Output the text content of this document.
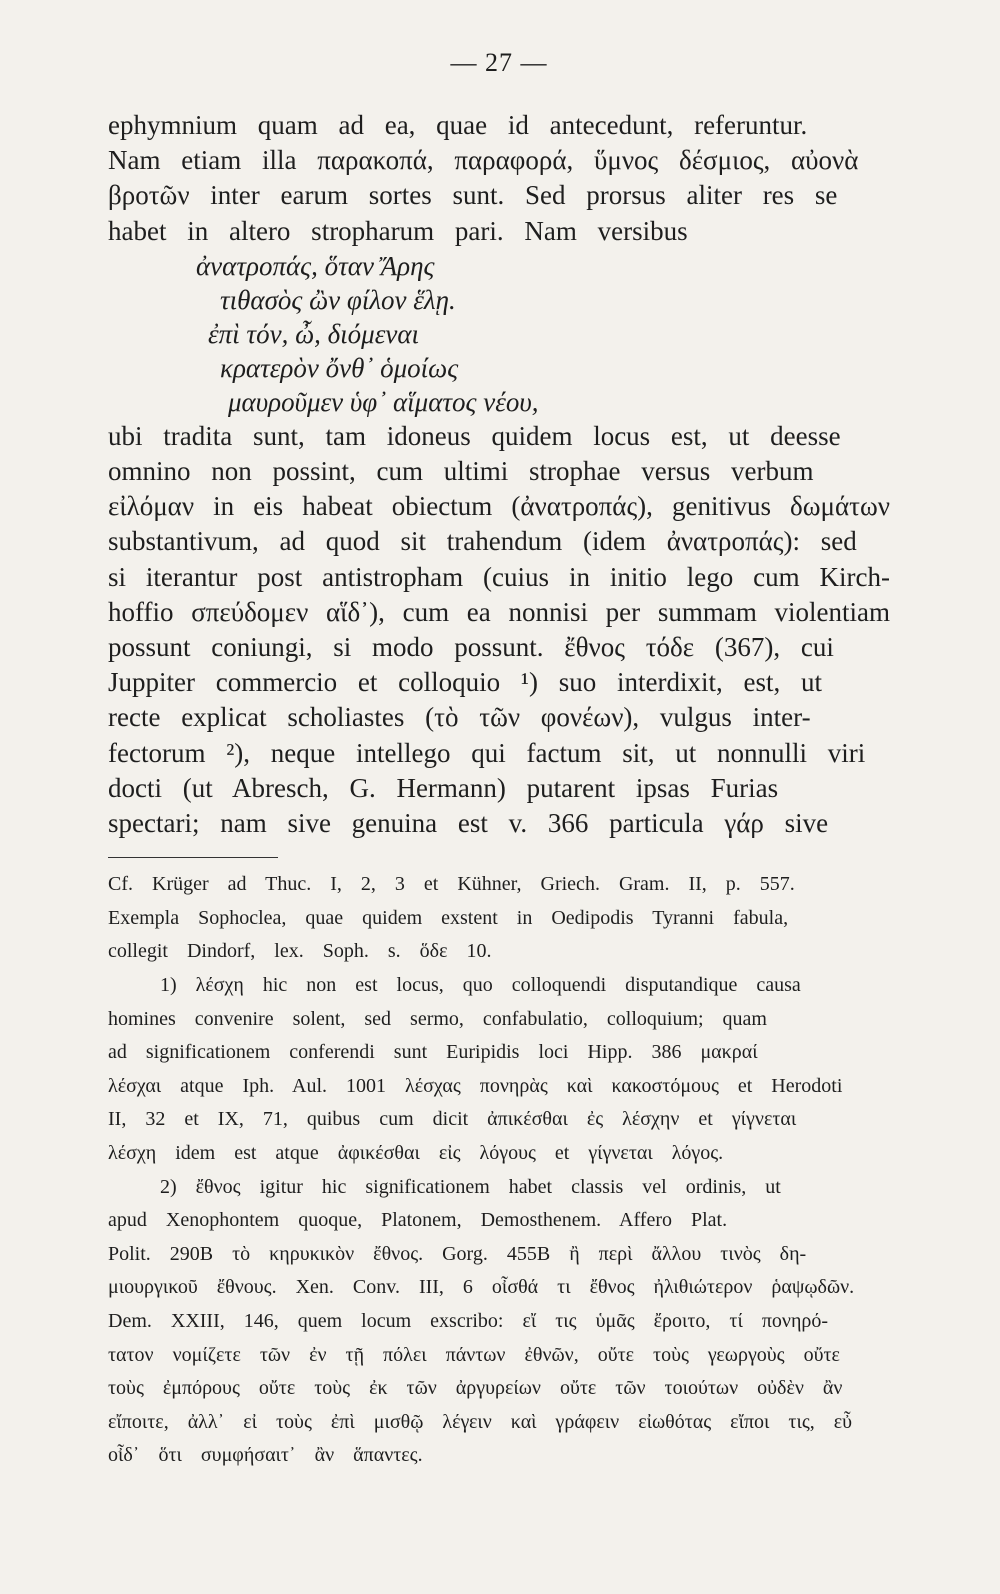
— 27 —

ephymnium quam ad ea, quae id antecedunt, referuntur.

Nam etiam illa παρακοπά, παραφορά, ὕμνος δέσμιος, αὐονὰ

βροτῶν inter earum sortes sunt. Sed prorsus aliter res se

habet in altero stropharum pari. Nam versibus

ἀνατροπάς, ὅταν Ἄρης

τιθασὸς ὢν φίλον ἕλῃ.

ἐπὶ τόν, ὦ, διόμεναι

κρατερὸν ὄνθ᾽ ὁμοίως

μαυροῦμεν ὑφ᾽ αἵματος νέου,

ubi tradita sunt, tam idoneus quidem locus est, ut deesse

omnino non possint, cum ultimi strophae versus verbum

εἰλόμαν in eis habeat obiectum (ἀνατροπάς), genitivus δωμάτων

substantivum, ad quod sit trahendum (idem ἀνατροπάς): sed

si iterantur post antistropham (cuius in initio lego cum Kirch-

hoffio σπεύδομεν αἵδ᾽), cum ea nonnisi per summam violentiam

possunt coniungi, si modo possunt. ἔθνος τόδε (367), cui

Juppiter commercio et colloquio ¹) suo interdixit, est, ut

recte explicat scholiastes (τὸ τῶν φονέων), vulgus inter-

fectorum ²), neque intellego qui factum sit, ut nonnulli viri

docti (ut Abresch, G. Hermann) putarent ipsas Furias

spectari; nam sive genuina est v. 366 particula γάρ sive

Cf. Krüger ad Thuc. I, 2, 3 et Kühner, Griech. Gram. II, p. 557.

Exempla Sophoclea, quae quidem exstent in Oedipodis Tyranni fabula,

collegit Dindorf, lex. Soph. s. ὅδε 10.

1) λέσχη hic non est locus, quo colloquendi disputandique causa

homines convenire solent, sed sermo, confabulatio, colloquium; quam

ad significationem conferendi sunt Euripidis loci Hipp. 386 μακραί

λέσχαι atque Iph. Aul. 1001 λέσχας πονηρὰς καὶ κακοστόμους et Herodoti

II, 32 et IX, 71, quibus cum dicit ἀπικέσθαι ἐς λέσχην et γίγνεται

λέσχη idem est atque ἀφικέσθαι εἰς λόγους et γίγνεται λόγος.

2) ἔθνος igitur hic significationem habet classis vel ordinis, ut

apud Xenophontem quoque, Platonem, Demosthenem. Affero Plat.

Polit. 290B τὸ κηρυκικὸν ἔθνος. Gorg. 455B ἢ περὶ ἄλλου τινὸς δη-

μιουργικοῦ ἔθνους. Xen. Conv. III, 6 οἶσθά τι ἔθνος ἠλιθιώτερον ῥαψῳδῶν.

Dem. XXIII, 146, quem locum exscribo: εἴ τις ὑμᾶς ἔροιτο, τί πονηρό-

τατον νομίζετε τῶν ἐν τῇ πόλει πάντων ἐθνῶν, οὔτε τοὺς γεωργοὺς οὔτε

τοὺς ἐμπόρους οὔτε τοὺς ἐκ τῶν ἀργυρείων οὔτε τῶν τοιούτων οὐδὲν ἂν

εἴποιτε, ἀλλ᾽ εἰ τοὺς ἐπὶ μισθῷ λέγειν καὶ γράφειν εἰωθότας εἴποι τις, εὖ

οἶδ᾽ ὅτι συμφήσαιτ᾽ ἂν ἅπαντες.
